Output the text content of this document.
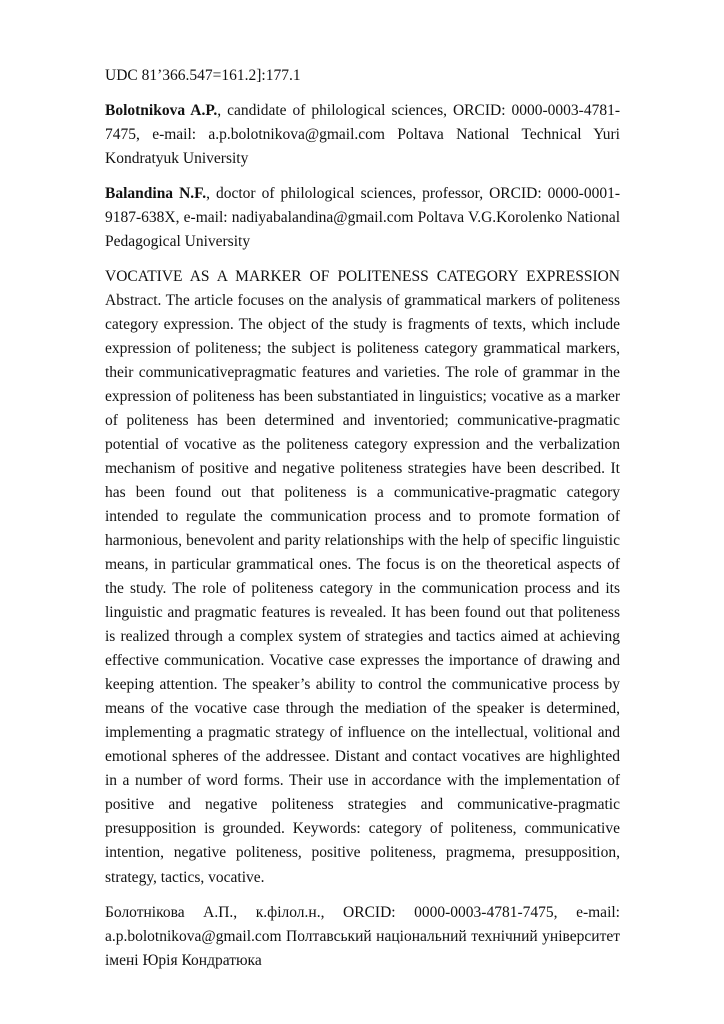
UDC 81’366.547=161.2]:177.1

Bolotnikova A.P., candidate of philological sciences, ORCID: 0000-0003-4781-7475, e-mail: a.p.bolotnikova@gmail.com Poltava National Technical Yuri Kondratyuk University

Balandina N.F., doctor of philological sciences, professor, ORCID: 0000-0001-9187-638X, e-mail: nadiyabalandina@gmail.com Poltava V.G.Korolenko National Pedagogical University

VOCATIVE AS A MARKER OF POLITENESS CATEGORY EXPRESSION Abstract. The article focuses on the analysis of grammatical markers of politeness category expression. The object of the study is fragments of texts, which include expression of politeness; the subject is politeness category grammatical markers, their communicativepragmatic features and varieties. The role of grammar in the expression of politeness has been substantiated in linguistics; vocative as a marker of politeness has been determined and inventoried; communicative-pragmatic potential of vocative as the politeness category expression and the verbalization mechanism of positive and negative politeness strategies have been described. It has been found out that politeness is a communicative-pragmatic category intended to regulate the communication process and to promote formation of harmonious, benevolent and parity relationships with the help of specific linguistic means, in particular grammatical ones. The focus is on the theoretical aspects of the study. The role of politeness category in the communication process and its linguistic and pragmatic features is revealed. It has been found out that politeness is realized through a complex system of strategies and tactics aimed at achieving effective communication. Vocative case expresses the importance of drawing and keeping attention. The speaker’s ability to control the communicative process by means of the vocative case through the mediation of the speaker is determined, implementing a pragmatic strategy of influence on the intellectual, volitional and emotional spheres of the addressee. Distant and contact vocatives are highlighted in a number of word forms. Their use in accordance with the implementation of positive and negative politeness strategies and communicative-pragmatic presupposition is grounded. Keywords: category of politeness, communicative intention, negative politeness, positive politeness, pragmema, presupposition, strategy, tactics, vocative.

Болотнікова А.П., к.філол.н., ORCID: 0000-0003-4781-7475, e-mail: a.p.bolotnikova@gmail.com Полтавський національний технічний університет імені Юрія Кондратюка
